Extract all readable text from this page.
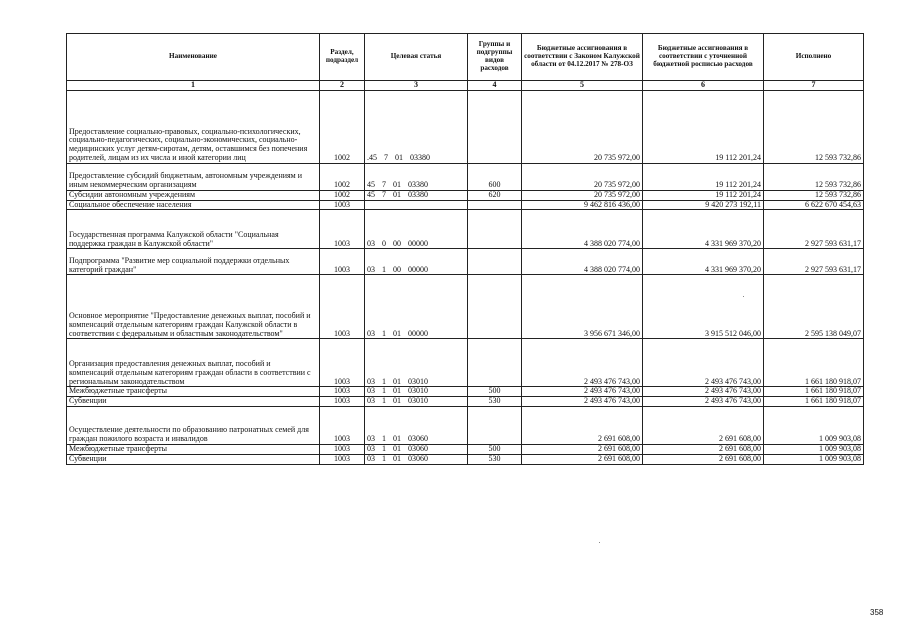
Наименование	Раздел, подраздел	Целевая статья	Группы и подгруппы видов расходов	Бюджетные ассигнования в соответствии с Законом Калужской области от 04.12.2017 № 278-ОЗ	Бюджетные ассигнования в соответствии с уточненной бюджетной росписью расходов	Исполнено
1	2	3	4	5	6	7
Предоставление социально-правовых, социально-психологических, социально-педагогических, социально-экономических, социально-медицинских услуг детям-сиротам, детям, оставшимся без попечения родителей, лицам из их числа и иной категории лиц	1002	.45 7 01 03380		20 735 972,00	19 112 201,24	12 593 732,86
Предоставление субсидий бюджетным, автономным учреждениям и иным некоммерческим организациям	1002	45 7 01 03380	600	20 735 972,00	19 112 201,24	12 593 732,86
Субсидии автономным учреждениям	1002	45 7 01 03380	620	20 735 972,00	19 112 201,24	12 593 732,86
Социальное обеспечение населения	1003			9 462 816 436,00	9 420 273 192,11	6 622 670 454,63
Государственная программа Калужской области "Социальная поддержка граждан в Калужской области"	1003	03 0 00 00000		4 388 020 774,00	4 331 969 370,20	2 927 593 631,17
Подпрограмма "Развитие мер социальной поддержки отдельных категорий граждан"	1003	03 1 00 00000		4 388 020 774,00	4 331 969 370,20	2 927 593 631,17
Основное мероприятие "Предоставление денежных выплат, пособий и компенсаций отдельным категориям граждан Калужской области в соответствии с федеральным и областным законодательством"	1003	03 1 01 00000		3 956 671 346,00	3 915 512 046,00	2 595 138 049,07
Организация предоставления денежных выплат, пособий и компенсаций отдельным категориям граждан области в соответствии с региональным законодательством	1003	03 1 01 03010		2 493 476 743,00	2 493 476 743,00	1 661 180 918,07
Межбюджетные трансферты	1003	03 1 01 03010	500	2 493 476 743,00	2 493 476 743,00	1 661 180 918,07
Субвенции	1003	03 1 01 03010	530	2 493 476 743,00	2 493 476 743,00	1 661 180 918,07
Осуществление деятельности по образованию патронатных семей для граждан пожилого возраста и инвалидов	1003	03 1 01 03060		2 691 608,00	2 691 608,00	1 009 903,08
Межбюджетные трансферты	1003	03 1 01 03060	500	2 691 608,00	2 691 608,00	1 009 903,08
Субвенции	1003	03 1 01 03060	530	2 691 608,00	2 691 608,00	1 009 903,08
358
